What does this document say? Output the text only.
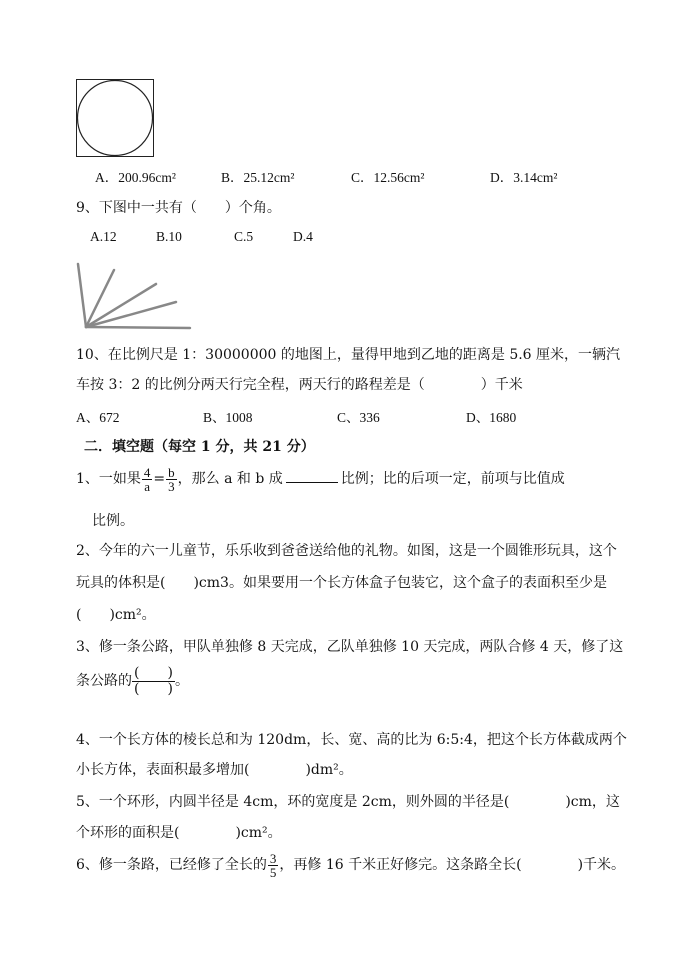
A．200.96cm²	B．25.12cm²	C．12.56cm²	D．3.14cm²
9、下图中一共有（　　）个角。
A.12	B.10	C.5	D.4
10、在比例尺是 1：30000000 的地图上，量得甲地到乙地的距离是 5.6 厘米，一辆汽
车按 3：2 的比例分两天行完全程，两天行的路程差是（　　　　）千米
A、672	B、1008	C、336	D、1680
二．填空题（每空 1 分，共 21 分）
1、一如果 $\frac{4}{a} = \frac{b}{3}$ ，那么 a 和 b 成	比例；比的后项一定，前项与比值成
比例。
2、今年的六一儿童节，乐乐收到爸爸送给他的礼物。如图，这是一个圆锥形玩具，这个
玩具的体积是(　　)cm3。如果要用一个长方体盒子包装它，这个盒子的表面积至少是
(　　)cm²。
3、修一条公路，甲队单独修 8 天完成，乙队单独修 10 天完成，两队合修 4 天，修了这
条公路的 $\frac{( )}{( )}$ 。
4、一个长方体的棱长总和为 120dm，长、宽、高的比为 6:5:4，把这个长方体截成两个
小长方体，表面积最多增加(　　　　)dm²。
5、一个环形，内圆半径是 4cm，环的宽度是 2cm，则外圆的半径是(　　　　)cm，这
个环形的面积是(　　　　)cm²。
6、修一条路，已经修了全长的 $\frac{3}{5}$ ，再修 16 千米正好修完。这条路全长(　　　　)千米。
